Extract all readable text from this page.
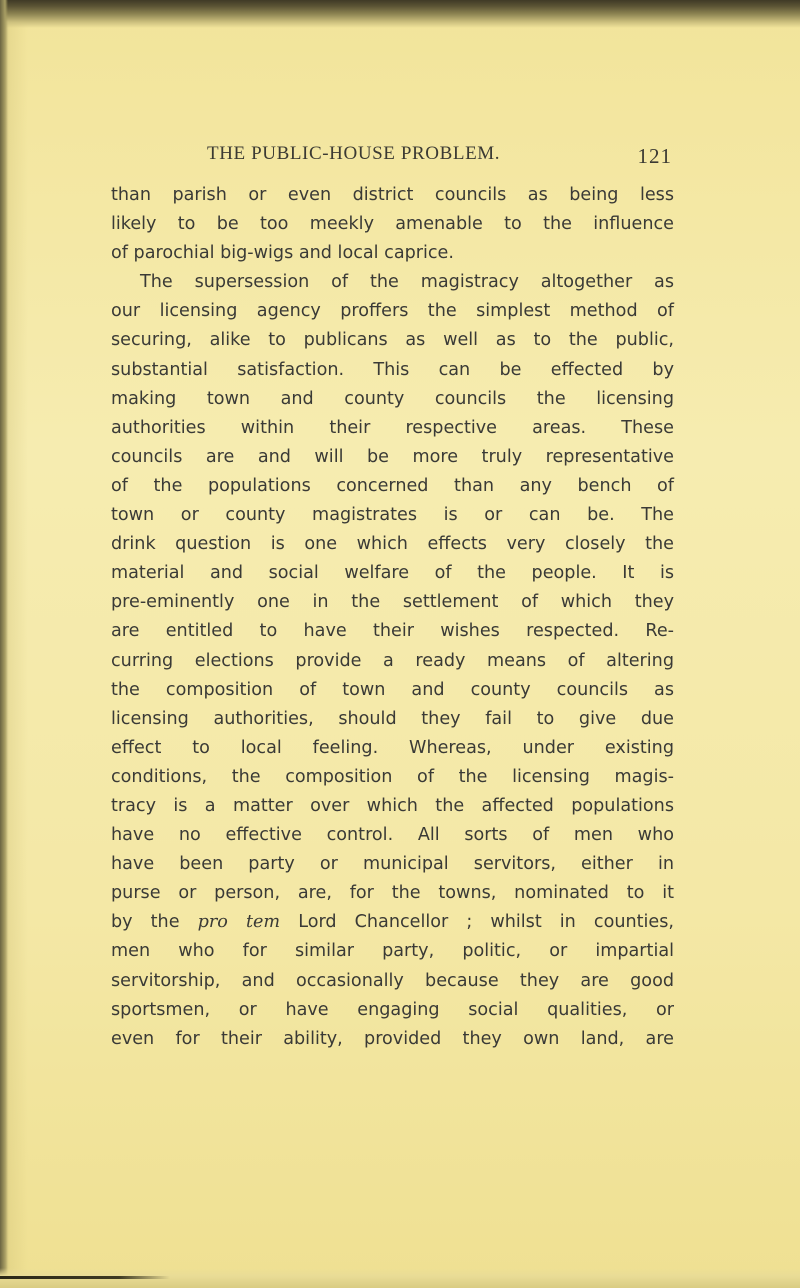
THE PUBLIC-HOUSE PROBLEM.	121
than parish or even district councils as being less
likely to be too meekly amenable to the influence
of parochial big-wigs and local caprice.
The supersession of the magistracy altogether as
our licensing agency proffers the simplest method of
securing, alike to publicans as well as to the public,
substantial satisfaction. This can be effected by
making town and county councils the licensing
authorities within their respective areas. These
councils are and will be more truly representative
of the populations concerned than any bench of
town or county magistrates is or can be. The
drink question is one which effects very closely the
material and social welfare of the people. It is
pre-eminently one in the settlement of which they
are entitled to have their wishes respected. Re-
curring elections provide a ready means of altering
the composition of town and county councils as
licensing authorities, should they fail to give due
effect to local feeling. Whereas, under existing
conditions, the composition of the licensing magis-
tracy is a matter over which the affected populations
have no effective control. All sorts of men who
have been party or municipal servitors, either in
purse or person, are, for the towns, nominated to it
by the pro tem Lord Chancellor ; whilst in counties,
men who for similar party, politic, or impartial
servitorship, and occasionally because they are good
sportsmen, or have engaging social qualities, or
even for their ability, provided they own land, are
